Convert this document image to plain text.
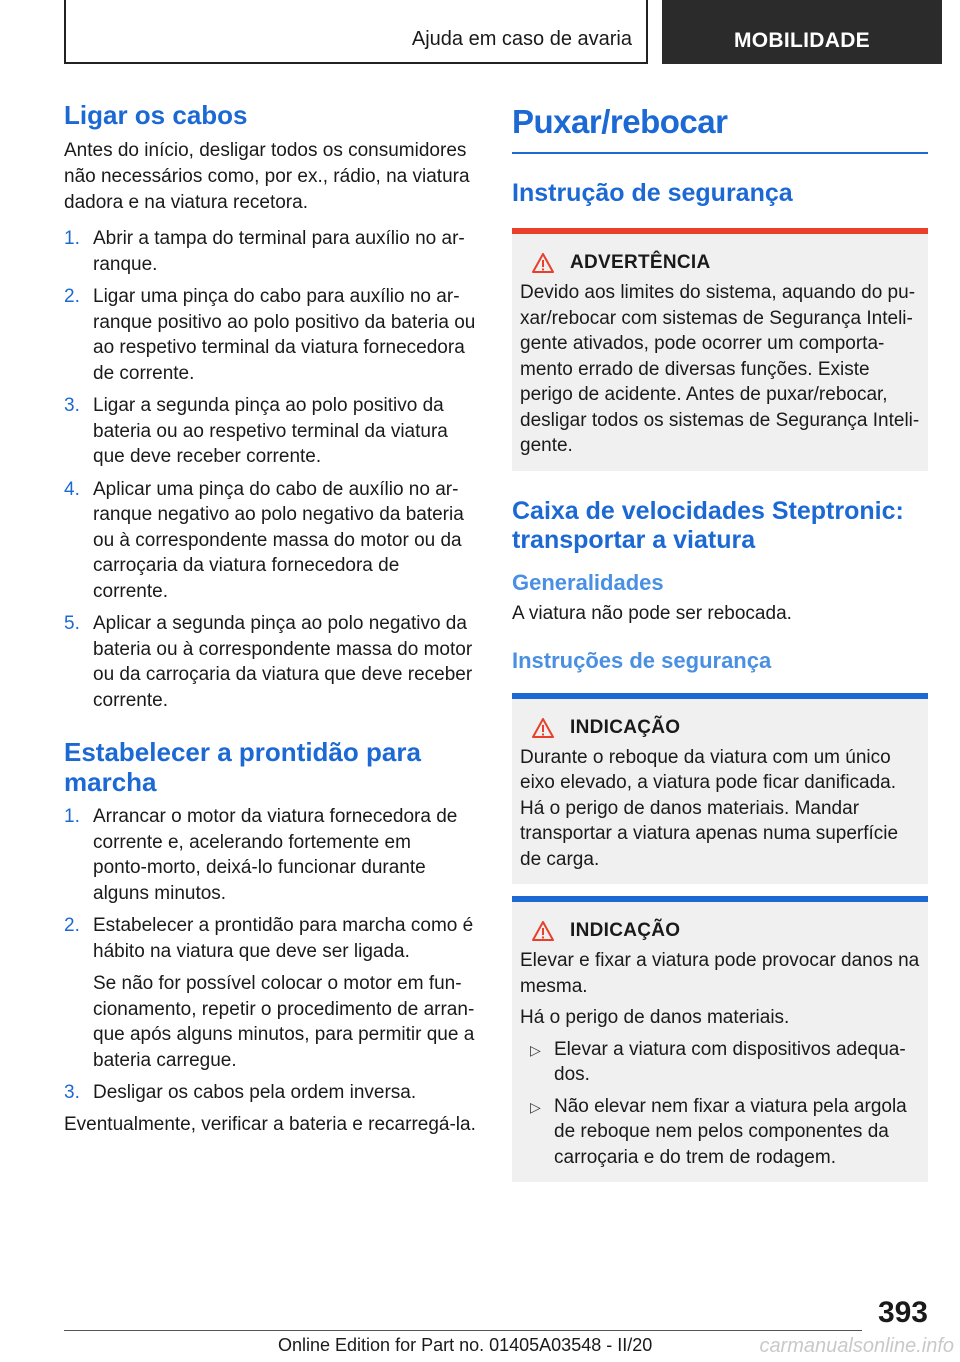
Ajuda em caso de avaria	MOBILIDADE
Ligar os cabos

Antes do início, desligar todos os consumidores não necessários como, por ex., rádio, na viatura dadora e na viatura recetora.

1. Abrir a tampa do terminal para auxílio no arranque.
2. Ligar uma pinça do cabo para auxílio no arranque positivo ao polo positivo da bateria ou ao respetivo terminal da viatura fornecedora de corrente.
3. Ligar a segunda pinça ao polo positivo da bateria ou ao respetivo terminal da viatura que deve receber corrente.
4. Aplicar uma pinça do cabo de auxílio no arranque negativo ao polo negativo da bateria ou à correspondente massa do motor ou da carroçaria da viatura fornecedora de corrente.
5. Aplicar a segunda pinça ao polo negativo da bateria ou à correspondente massa do motor ou da carroçaria da viatura que deve receber corrente.
Estabelecer a prontidão para marcha
1. Arrancar o motor da viatura fornecedora de corrente e, acelerando fortemente em ponto-morto, deixá-lo funcionar durante alguns minutos.
2. Estabelecer a prontidão para marcha como é hábito na viatura que deve ser ligada.
Se não for possível colocar o motor em funcionamento, repetir o procedimento de arranque após alguns minutos, para permitir que a bateria carregue.
3. Desligar os cabos pela ordem inversa.

Eventualmente, verificar a bateria e recarregá-la.

Puxar/rebocar
Instrução de segurança
ADVERTÊNCIA

Devido aos limites do sistema, aquando do puxar/rebocar com sistemas de Segurança Inteligente ativados, pode ocorrer um comportamento errado de diversas funções. Existe perigo de acidente. Antes de puxar/rebocar, desligar todos os sistemas de Segurança Inteligente.

Caixa de velocidades Steptronic: transportar a viatura
Generalidades

A viatura não pode ser rebocada.

Instruções de segurança
INDICAÇÃO

Durante o reboque da viatura com um único eixo elevado, a viatura pode ficar danificada. Há o perigo de danos materiais. Mandar transportar a viatura apenas numa superfície de carga.

INDICAÇÃO

Elevar e fixar a viatura pode provocar danos na mesma.

Há o perigo de danos materiais.

▷ Elevar a viatura com dispositivos adequados.
▷ Não elevar nem fixar a viatura pela argola de reboque nem pelos componentes da carroçaria e do trem de rodagem.
393
Online Edition for Part no. 01405A03548 - II/20	carmanualsonline.info
